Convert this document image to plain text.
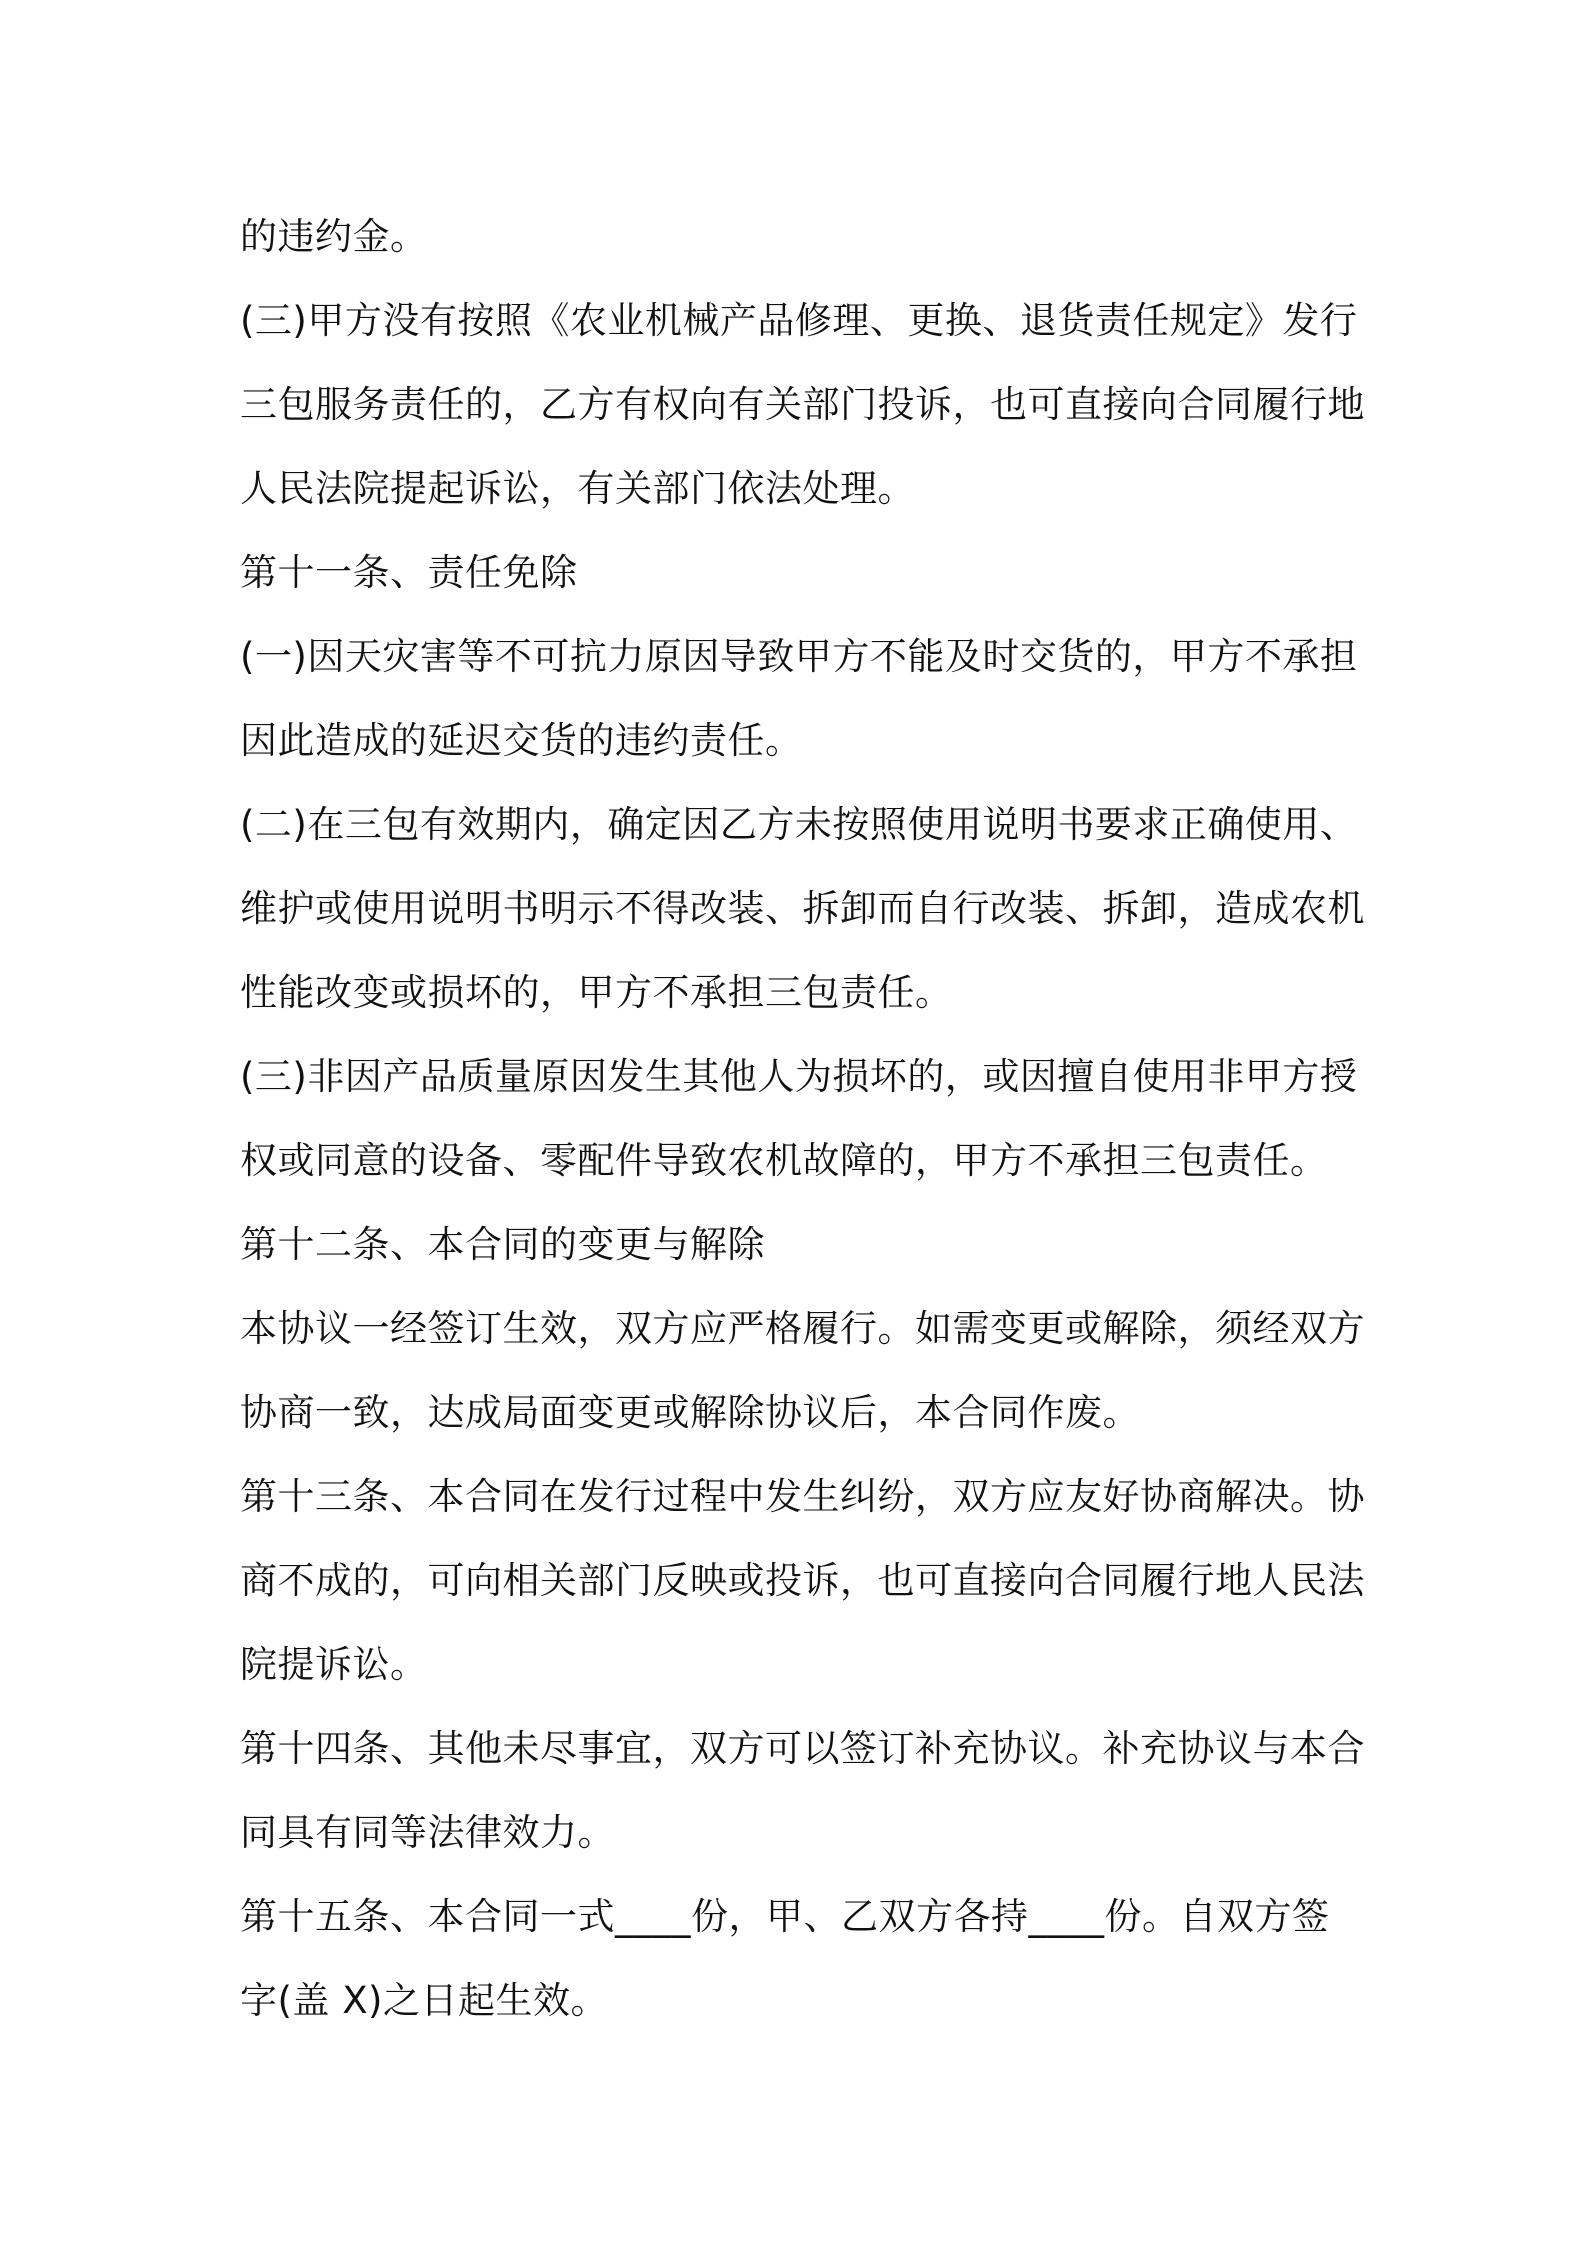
的违约金。
(三)甲方没有按照《农业机械产品修理、更换、退货责任规定》发行
三包服务责任的，乙方有权向有关部门投诉，也可直接向合同履行地
人民法院提起诉讼，有关部门依法处理。
第十一条、责任免除
(一)因天灾害等不可抗力原因导致甲方不能及时交货的，甲方不承担
因此造成的延迟交货的违约责任。
(二)在三包有效期内，确定因乙方未按照使用说明书要求正确使用、
维护或使用说明书明示不得改装、拆卸而自行改装、拆卸，造成农机
性能改变或损坏的，甲方不承担三包责任。
(三)非因产品质量原因发生其他人为损坏的，或因擅自使用非甲方授
权或同意的设备、零配件导致农机故障的，甲方不承担三包责任。
第十二条、本合同的变更与解除
本协议一经签订生效，双方应严格履行。如需变更或解除，须经双方
协商一致，达成局面变更或解除协议后，本合同作废。
第十三条、本合同在发行过程中发生纠纷，双方应友好协商解决。协
商不成的，可向相关部门反映或投诉，也可直接向合同履行地人民法
院提诉讼。
第十四条、其他未尽事宜，双方可以签订补充协议。补充协议与本合
同具有同等法律效力。
第十五条、本合同一式____份，甲、乙双方各持____份。自双方签
字(盖 X)之日起生效。
